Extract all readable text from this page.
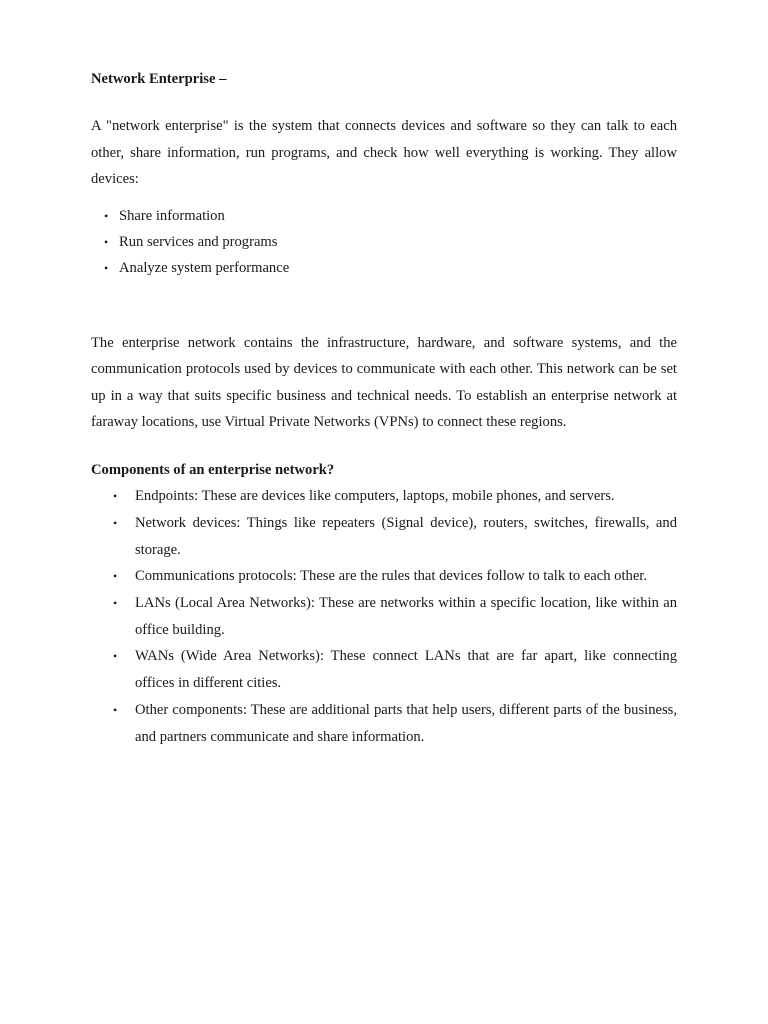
Network Enterprise –

A "network enterprise" is the system that connects devices and software so they can talk to each other, share information, run programs, and check how well everything is working. They allow devices:

• Share information
• Run services and programs
• Analyze system performance

The enterprise network contains the infrastructure, hardware, and software systems, and the communication protocols used by devices to communicate with each other. This network can be set up in a way that suits specific business and technical needs. To establish an enterprise network at faraway locations, use Virtual Private Networks (VPNs) to connect these regions.

Components of an enterprise network?

• Endpoints: These are devices like computers, laptops, mobile phones, and servers.
• Network devices: Things like repeaters (Signal device), routers, switches, firewalls, and storage.
• Communications protocols: These are the rules that devices follow to talk to each other.
• LANs (Local Area Networks): These are networks within a specific location, like within an office building.
• WANs (Wide Area Networks): These connect LANs that are far apart, like connecting offices in different cities.
• Other components: These are additional parts that help users, different parts of the business, and partners communicate and share information.
